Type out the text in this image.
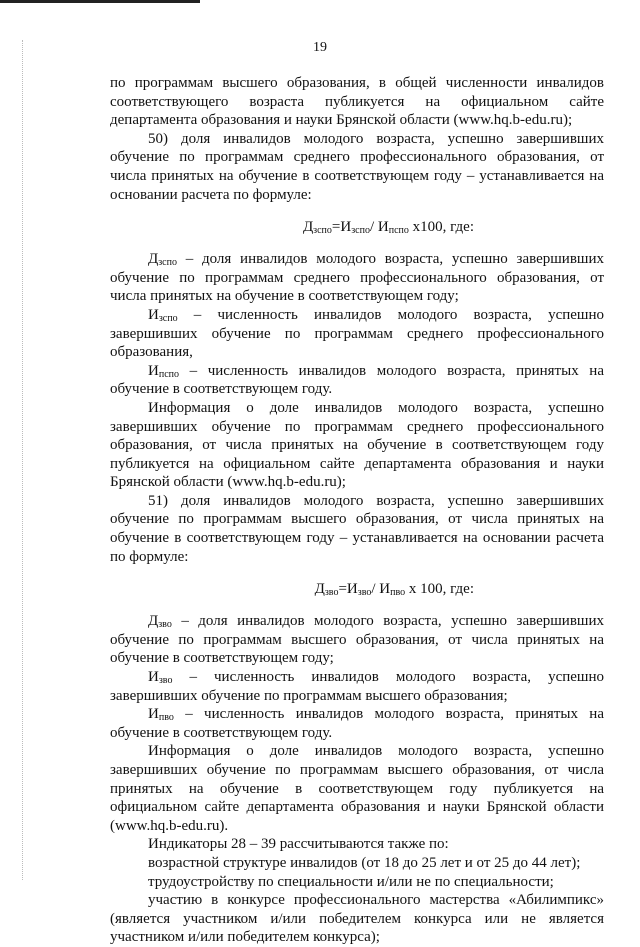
19

по программам высшего образования, в общей численности инвалидов соответствующего возраста публикуется на официальном сайте департамента образования и науки Брянской области (www.hq.b-edu.ru);

50) доля инвалидов молодого возраста, успешно завершивших обучение по программам среднего профессионального образования, от числа принятых на обучение в соответствующем году – устанавливается на основании расчета по формуле:

$Д_{зспо}=И_{зспо}/$ $И_{пспо}$ х100, где:

$Д_{зспо}$ – доля инвалидов молодого возраста, успешно завершивших обучение по программам среднего профессионального образования, от числа принятых на обучение в соответствующем году;

$И_{зспо}$ – численность инвалидов молодого возраста, успешно завершивших обучение по программам среднего профессионального образования,

$И_{пспо}$ – численность инвалидов молодого возраста, принятых на обучение в соответствующем году.

Информация о доле инвалидов молодого возраста, успешно завершивших обучение по программам среднего профессионального образования, от числа принятых на обучение в соответствующем году публикуется на официальном сайте департамента образования и науки Брянской области (www.hq.b-edu.ru);

51) доля инвалидов молодого возраста, успешно завершивших обучение по программам высшего образования, от числа принятых на обучение в соответствующем году – устанавливается на основании расчета по формуле:

$Д_{зво}=И_{зво}/$ $И_{пво}$ х 100, где:

$Д_{зво}$ – доля инвалидов молодого возраста, успешно завершивших обучение по программам высшего образования, от числа принятых на обучение в соответствующем году;

$И_{зво}$ – численность инвалидов молодого возраста, успешно завершивших обучение по программам высшего образования;

$И_{пво}$ – численность инвалидов молодого возраста, принятых на обучение в соответствующем году.

Информация о доле инвалидов молодого возраста, успешно завершивших обучение по программам высшего образования, от числа принятых на обучение в соответствующем году публикуется на официальном сайте департамента образования и науки Брянской области (www.hq.b-edu.ru).

Индикаторы 28 – 39 рассчитываются также по:

возрастной структуре инвалидов (от 18 до 25 лет и от 25 до 44 лет);

трудоустройству по специальности и/или не по специальности;

участию в конкурсе профессионального мастерства «Абилимпикс» (является участником и/или победителем конкурса или не является участником и/или победителем конкурса);
